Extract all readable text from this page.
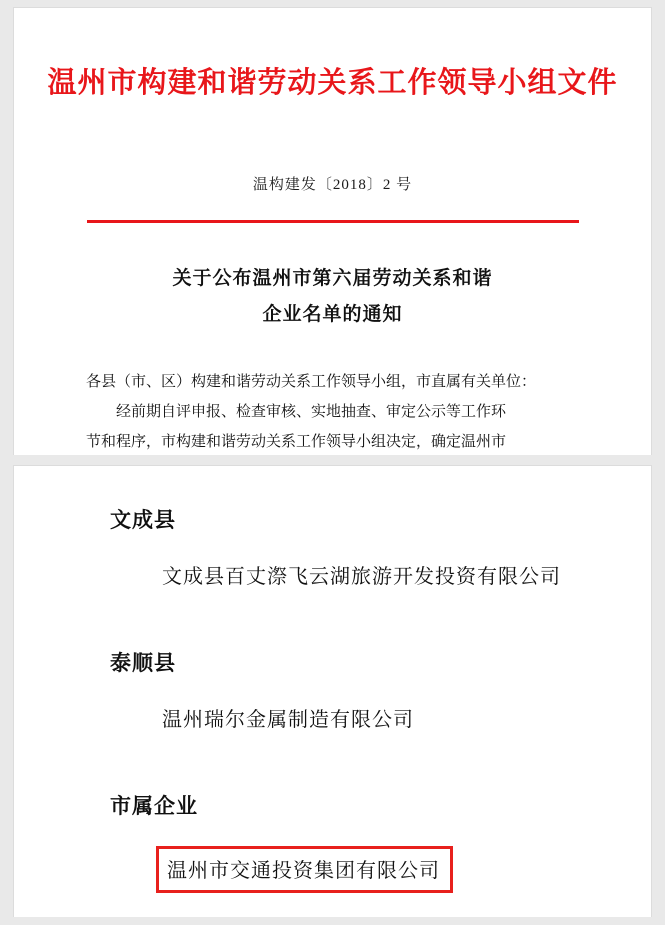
温州市构建和谐劳动关系工作领导小组文件
温构建发〔2018〕2 号
关于公布温州市第六届劳动关系和谐
企业名单的通知

各县（市、区）构建和谐劳动关系工作领导小组，市直属有关单位：

经前期自评申报、检查审核、实地抽查、审定公示等工作环

节和程序，市构建和谐劳动关系工作领导小组决定，确定温州市

文成县
文成县百丈漈飞云湖旅游开发投资有限公司
泰顺县
温州瑞尔金属制造有限公司
市属企业
温州市交通投资集团有限公司
